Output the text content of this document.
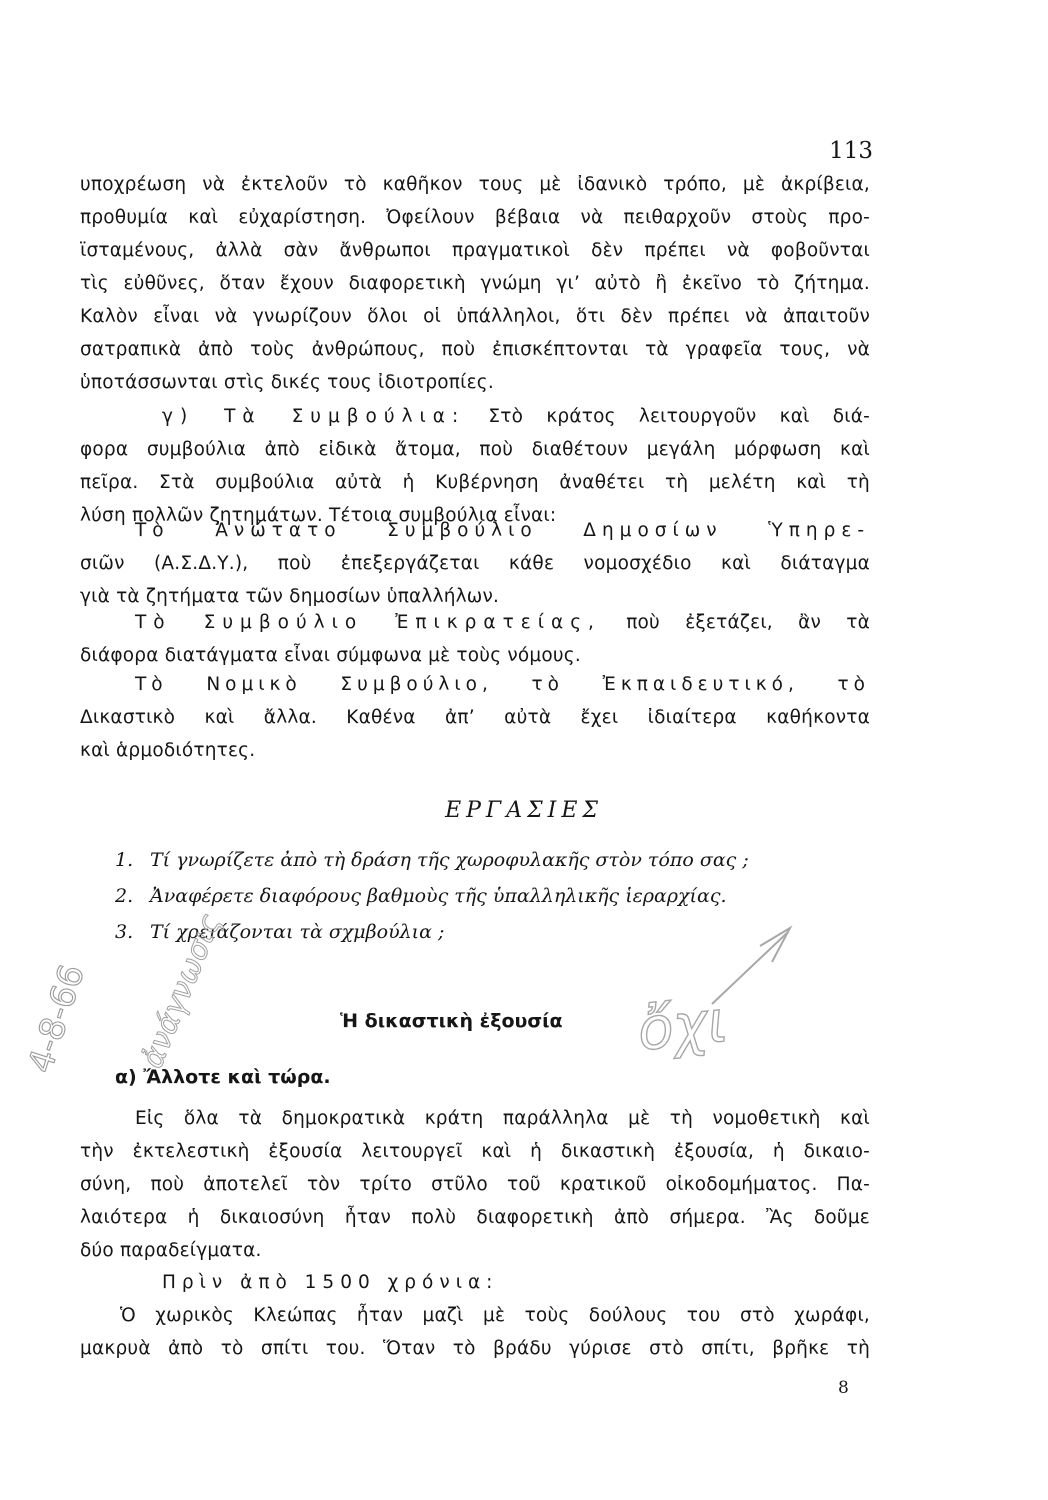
113
υποχρέωση νὰ ἐκτελοῦν τὸ καθῆκον τους μὲ ἰδανικὸ τρόπο, μὲ ἀκρίβεια,
προθυμία καὶ εὐχαρίστηση. Ὀφείλουν βέβαια νὰ πειθαρχοῦν στοὺς προ-
ϊσταμένους, ἀλλὰ σὰν ἄνθρωποι πραγματικοὶ δὲν πρέπει νὰ φοβοῦνται
τὶς εὐθῦνες, ὅταν ἔχουν διαφορετικὴ γνώμη γι’ αὐτὸ ἢ ἐκεῖνο τὸ ζήτημα.
Καλὸν εἶναι νὰ γνωρίζουν ὅλοι οἱ ὑπάλληλοι, ὅτι δὲν πρέπει νὰ ἀπαιτοῦν
σατραπικὰ ἀπὸ τοὺς ἀνθρώπους, ποὺ ἐπισκέπτονται τὰ γραφεῖα τους, νὰ
ὑποτάσσωνται στὶς δικές τους ἰδιοτροπίες.
γ) Τὰ Συμβούλια: Στὸ κράτος λειτουργοῦν καὶ διά-
φορα συμβούλια ἀπὸ εἰδικὰ ἄτομα, ποὺ διαθέτουν μεγάλη μόρφωση καὶ
πεῖρα. Στὰ συμβούλια αὐτὰ ἡ Κυβέρνηση ἀναθέτει τὴ μελέτη καὶ τὴ
λύση πολλῶν ζητημάτων. Τέτοια συμβούλια εἶναι:
Τὸ Ἀνώτατο Συμβούλιο Δημοσίων Ὑπηρε-
σιῶν (Α.Σ.Δ.Υ.), ποὺ ἐπεξεργάζεται κάθε νομοσχέδιο καὶ διάταγμα
γιὰ τὰ ζητήματα τῶν δημοσίων ὑπαλλήλων.
Τὸ Συμβούλιο Ἐπικρατείας, ποὺ ἐξετάζει, ἂν τὰ
διάφορα διατάγματα εἶναι σύμφωνα μὲ τοὺς νόμους.
Τὸ Νομικὸ Συμβούλιο, τὸ Ἐκπαιδευτικό, τὸ
Δικαστικὸ καὶ ἄλλα. Καθένα ἀπ’ αὐτὰ ἔχει ἰδιαίτερα καθήκοντα
καὶ ἁρμοδιότητες.
ΕΡΓΑΣΙΕΣ
1. Τί γνωρίζετε ἀπὸ τὴ δράση τῆς χωροφυλακῆς στὸν τόπο σας ;
2. Ἀναφέρετε διαφόρους βαθμοὺς τῆς ὑπαλληλικῆς ἱεραρχίας.
3. Τί χρειάζονται τὰ σχμβούλια ;
Ἡ δικαστικὴ ἐξουσία
α) Ἄλλοτε καὶ τώρα.
Εἰς ὅλα τὰ δημοκρατικὰ κράτη παράλληλα μὲ τὴ νομοθετικὴ καὶ
τὴν ἐκτελεστικὴ ἐξουσία λειτουργεῖ καὶ ἡ δικαστικὴ ἐξουσία, ἡ δικαιο-
σύνη, ποὺ ἀποτελεῖ τὸν τρίτο στῦλο τοῦ κρατικοῦ οἰκοδομήματος. Πα-
λαιότερα ἡ δικαιοσύνη ἦταν πολὺ διαφορετικὴ ἀπὸ σήμερα. Ἂς δοῦμε
δύο παραδείγματα.
Πρὶν ἀπὸ 1500 χρόνια:
Ὁ χωρικὸς Κλεώπας ἦταν μαζὶ μὲ τοὺς δούλους του στὸ χωράφι,
μακρυὰ ἀπὸ τὸ σπίτι του. Ὅταν τὸ βράδυ γύρισε στὸ σπίτι, βρῆκε τὴ
8
4-8-66 ἀνάγνωσις	ὄχι
